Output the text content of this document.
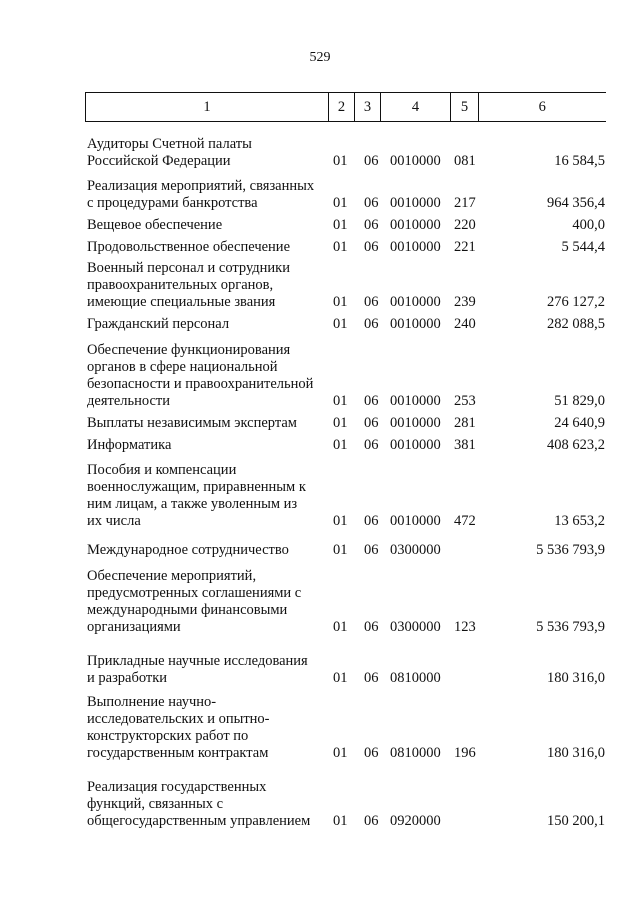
529
1	2	3	4	5	6
Аудиторы Счетной палаты
Российской Федерации	01 06 0010000 081	16 584,5
Реализация мероприятий, связанных
с процедурами банкротства	01 06 0010000 217	964 356,4
Вещевое обеспечение	01 06 0010000 220	400,0
Продовольственное обеспечение	01 06 0010000 221	5 544,4
Военный персонал и сотрудники
правоохранительных органов,
имеющие специальные звания	01 06 0010000 239	276 127,2
Гражданский персонал	01 06 0010000 240	282 088,5
Обеспечение функционирования
органов в сфере национальной
безопасности и правоохранительной
деятельности	01 06 0010000 253	51 829,0
Выплаты независимым экспертам	01 06 0010000 281	24 640,9
Информатика	01 06 0010000 381	408 623,2
Пособия и компенсации
военнослужащим, приравненным к
ним лицам, а также уволенным из
их числа	01 06 0010000 472	13 653,2
Международное сотрудничество	01 06 0300000	5 536 793,9
Обеспечение мероприятий,
предусмотренных соглашениями с
международными финансовыми
организациями	01 06 0300000 123	5 536 793,9
Прикладные научные исследования
и разработки	01 06 0810000	180 316,0
Выполнение научно-
исследовательских и опытно-
конструкторских работ по
государственным контрактам	01 06 0810000 196	180 316,0
Реализация государственных
функций, связанных с
общегосударственным управлением	01 06 0920000	150 200,1
